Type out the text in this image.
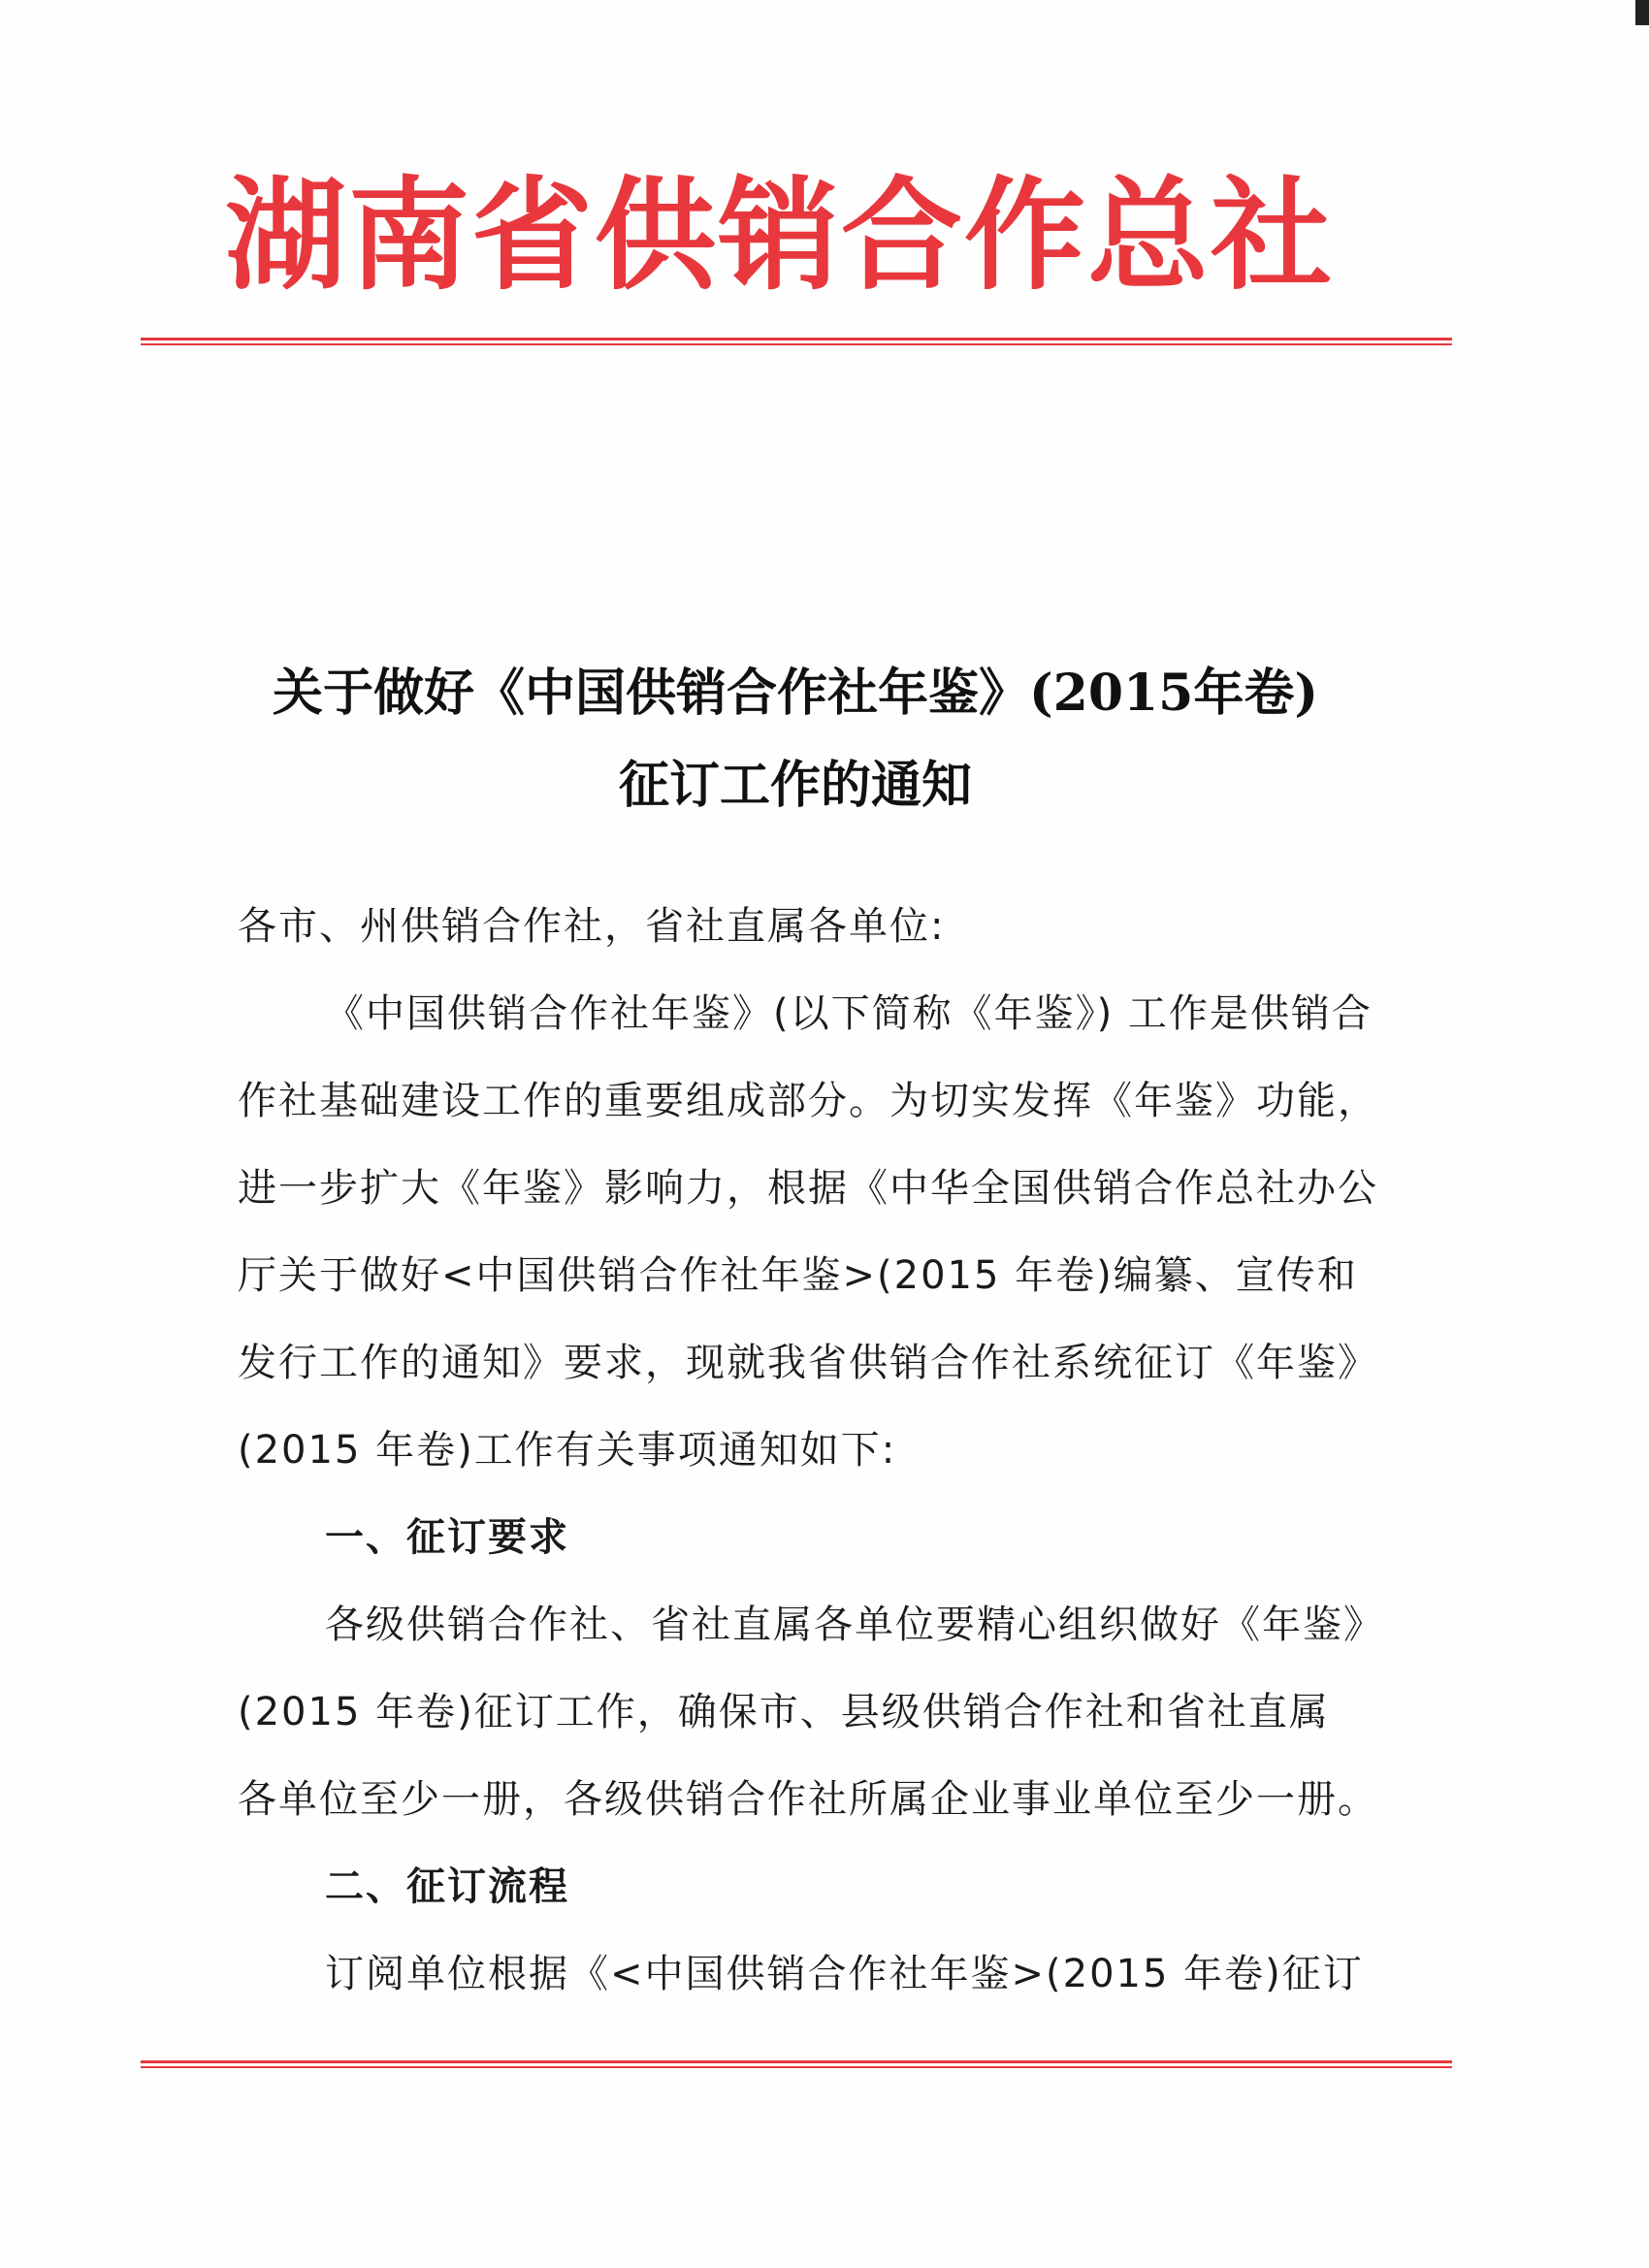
湖南省供销合作总社
关于做好《中国供销合作社年鉴》(2015年卷)
征订工作的通知
各市、州供销合作社，省社直属各单位:
《中国供销合作社年鉴》(以下简称《年鉴》) 工作是供销合
作社基础建设工作的重要组成部分。为切实发挥《年鉴》功能，
进一步扩大《年鉴》影响力，根据《中华全国供销合作总社办公
厅关于做好<中国供销合作社年鉴>(2015 年卷)编纂、宣传和
发行工作的通知》要求，现就我省供销合作社系统征订《年鉴》
(2015 年卷)工作有关事项通知如下:
一、征订要求
各级供销合作社、省社直属各单位要精心组织做好《年鉴》
(2015 年卷)征订工作，确保市、县级供销合作社和省社直属
各单位至少一册，各级供销合作社所属企业事业单位至少一册。
二、征订流程
订阅单位根据《<中国供销合作社年鉴>(2015 年卷)征订
